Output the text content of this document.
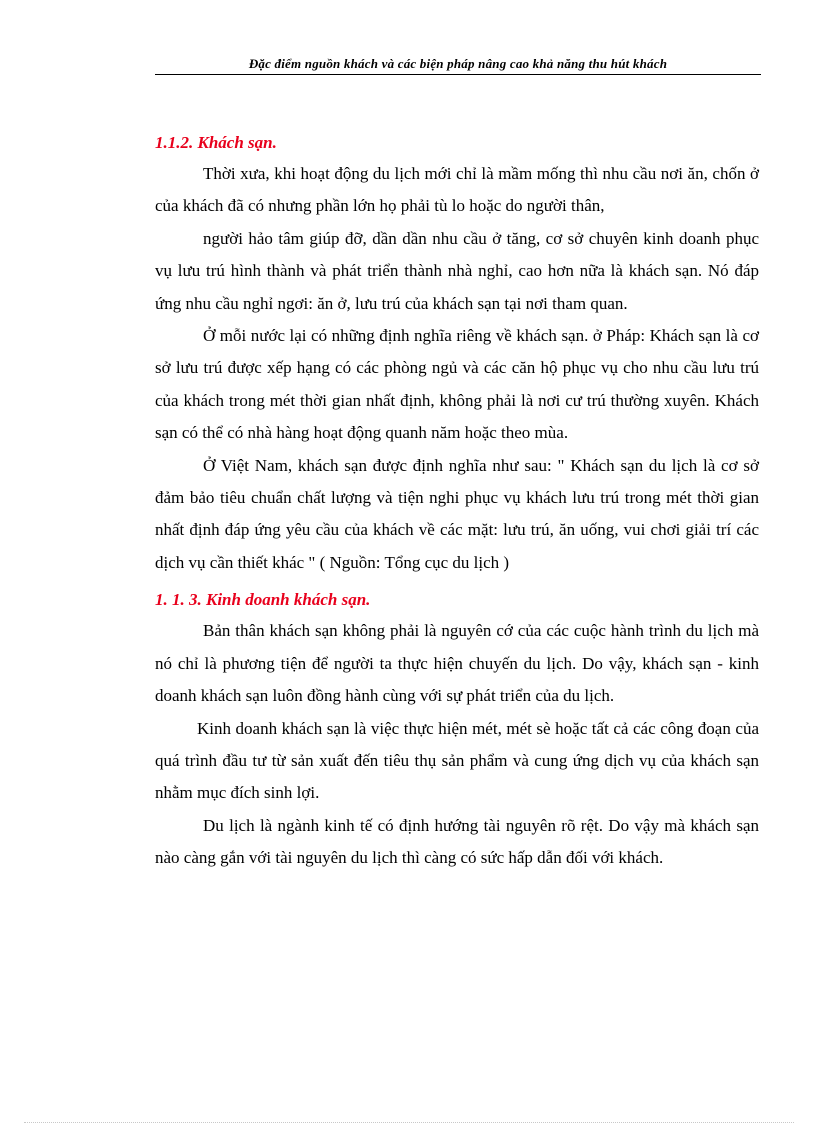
Đặc điểm nguồn khách và các biện pháp nâng cao khả năng thu hút khách
1.1.2. Khách sạn.

Thời xưa, khi hoạt động du lịch mới chỉ là mầm mống thì nhu cầu nơi ăn, chốn ở của khách đã có nhưng phần lớn họ phải tù lo hoặc do người thân,

người hảo tâm giúp đỡ, dần dần nhu cầu ở tăng, cơ sở chuyên kinh doanh phục vụ lưu trú hình thành và phát triển thành nhà nghỉ, cao hơn nữa là khách sạn. Nó đáp ứng nhu cầu nghỉ ngơi: ăn ở, lưu trú của khách sạn tại nơi tham quan.

Ở mỗi nước lại có những định nghĩa riêng về khách sạn. ở Pháp: Khách sạn là cơ sở lưu trú được xếp hạng có các phòng ngủ và các căn hộ phục vụ cho nhu cầu lưu trú của khách trong mét thời gian nhất định, không phải là nơi cư trú thường xuyên. Khách sạn có thể có nhà hàng hoạt động quanh năm hoặc theo mùa.

Ở Việt Nam, khách sạn được định nghĩa như sau: " Khách sạn du lịch là cơ sở đảm bảo tiêu chuẩn chất lượng và tiện nghi phục vụ khách lưu trú trong mét thời gian nhất định đáp ứng yêu cầu của khách về các mặt: lưu trú, ăn uống, vui chơi giải trí các dịch vụ cần thiết khác " ( Nguồn: Tổng cục du lịch )

1. 1. 3. Kinh doanh khách sạn.

Bản thân khách sạn không phải là nguyên cớ của các cuộc hành trình du lịch mà nó chỉ là phương tiện để người ta thực hiện chuyến du lịch. Do vậy, khách sạn - kinh doanh khách sạn luôn đồng hành cùng với sự phát triển của du lịch.

Kinh doanh khách sạn là việc thực hiện mét, mét sè hoặc tất cả các công đoạn của quá trình đầu tư từ sản xuất đến tiêu thụ sản phẩm và cung ứng dịch vụ của khách sạn nhằm mục đích sinh lợi.

Du lịch là ngành kinh tế có định hướng tài nguyên rõ rệt. Do vậy mà khách sạn nào càng gắn với tài nguyên du lịch thì càng có sức hấp dẫn đối với khách.
